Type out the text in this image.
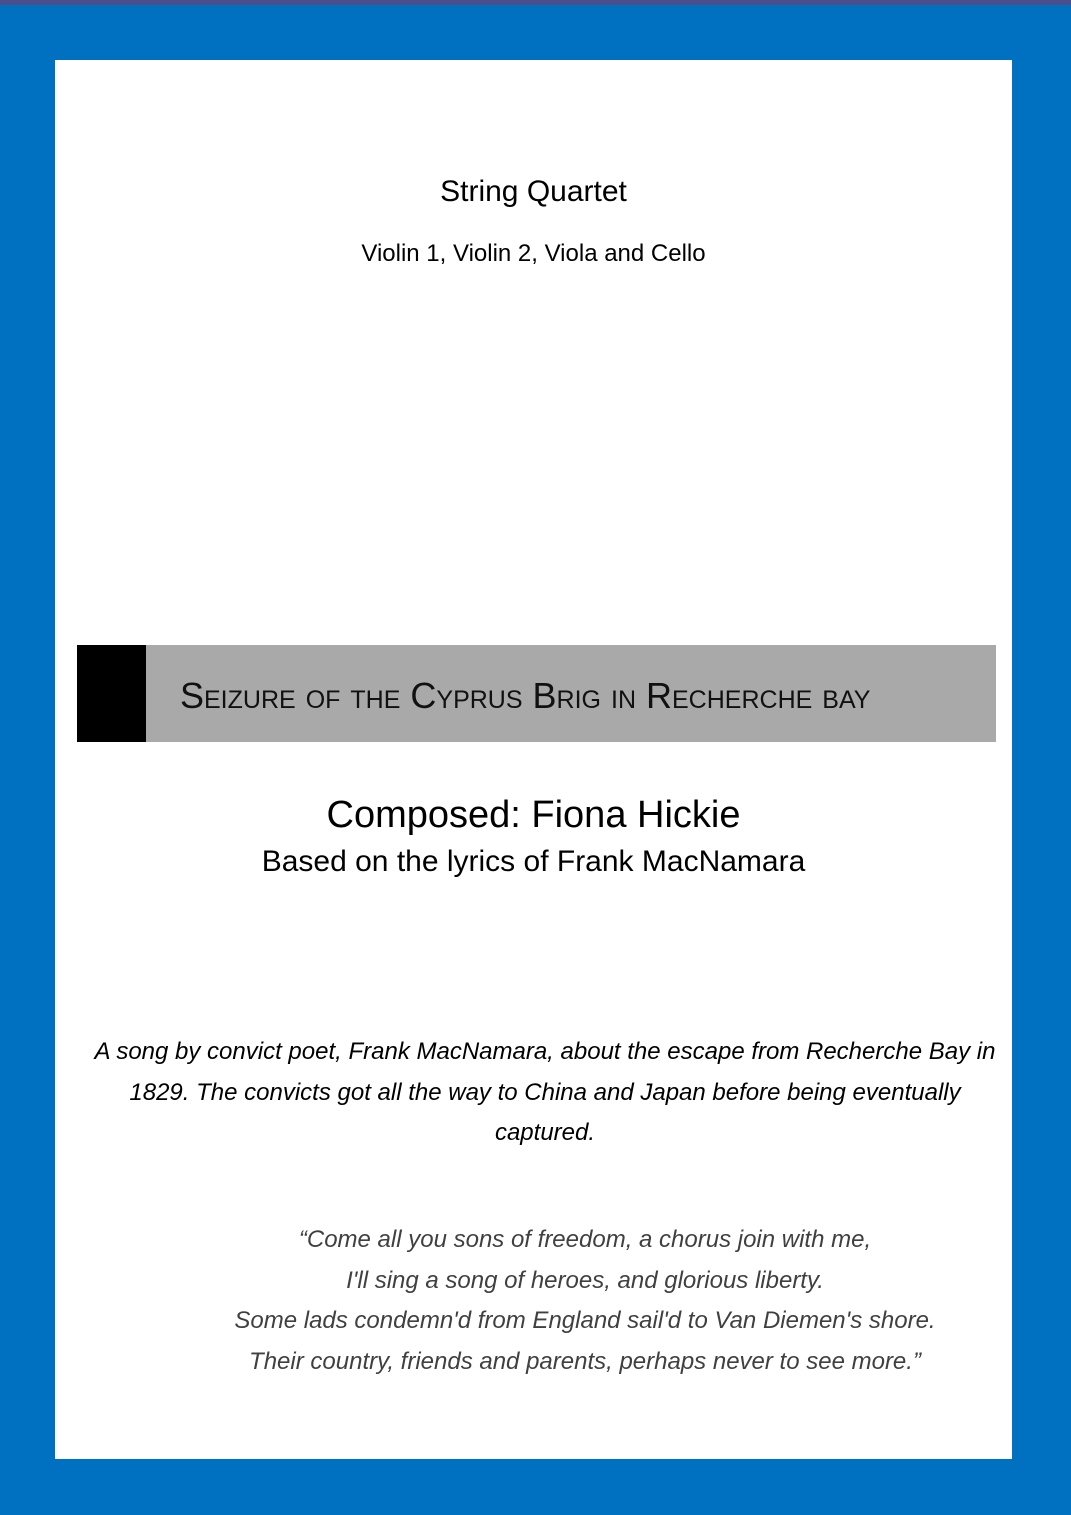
String Quartet
Violin 1, Violin 2, Viola and Cello
Seizure of the Cyprus Brig in Recherche bay
Composed: Fiona Hickie
Based on the lyrics of Frank MacNamara
A song by convict poet, Frank MacNamara, about the escape from Recherche Bay in 1829. The convicts got all the way to China and Japan before being eventually captured.
“Come all you sons of freedom, a chorus join with me,
I'll sing a song of heroes, and glorious liberty.
Some lads condemn'd from England sail'd to Van Diemen's shore.
Their country, friends and parents, perhaps never to see more.”
